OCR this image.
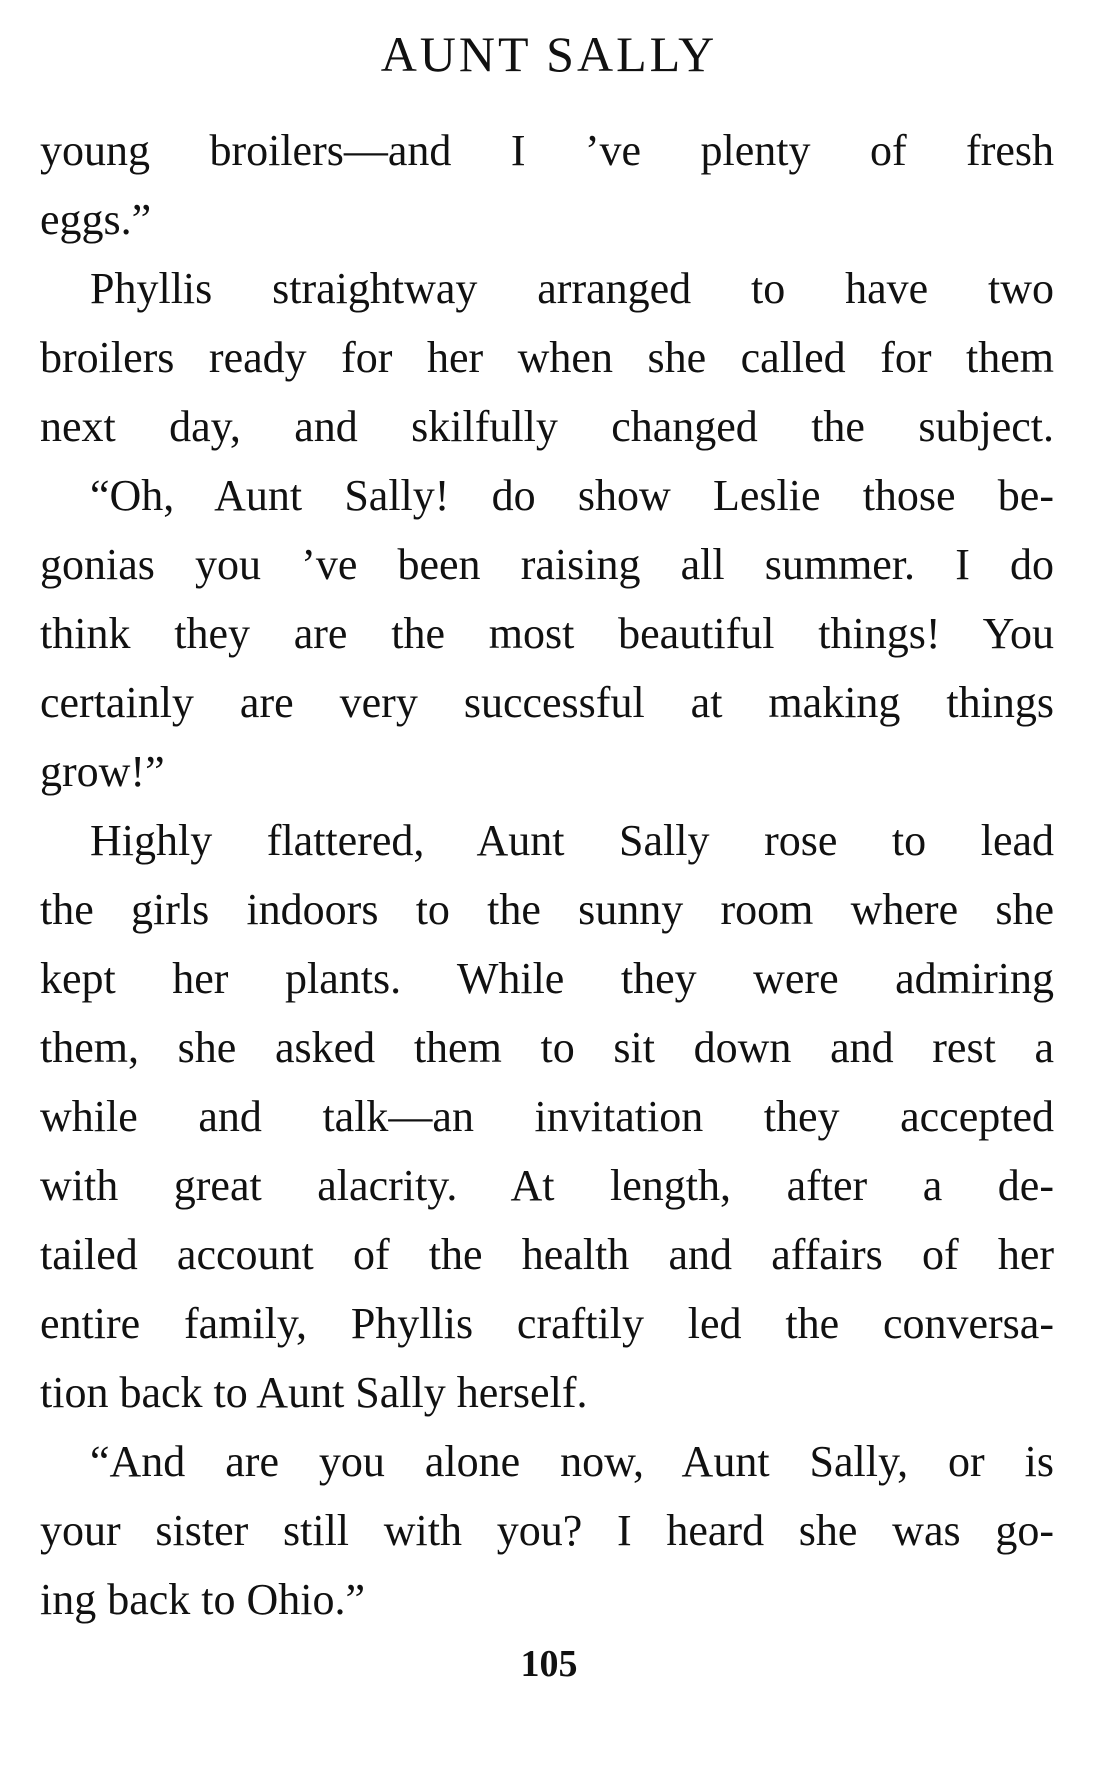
AUNT SALLY
young broilers—and I ’ve plenty of fresh
eggs.”
Phyllis straightway arranged to have two
broilers ready for her when she called for them
next day, and skilfully changed the subject.
“Oh, Aunt Sally! do show Leslie those be-
gonias you ’ve been raising all summer. I do
think they are the most beautiful things! You
certainly are very successful at making things
grow!”
Highly flattered, Aunt Sally rose to lead
the girls indoors to the sunny room where she
kept her plants. While they were admiring
them, she asked them to sit down and rest a
while and talk—an invitation they accepted
with great alacrity. At length, after a de-
tailed account of the health and affairs of her
entire family, Phyllis craftily led the conversa-
tion back to Aunt Sally herself.
“And are you alone now, Aunt Sally, or is
your sister still with you? I heard she was go-
ing back to Ohio.”
105
